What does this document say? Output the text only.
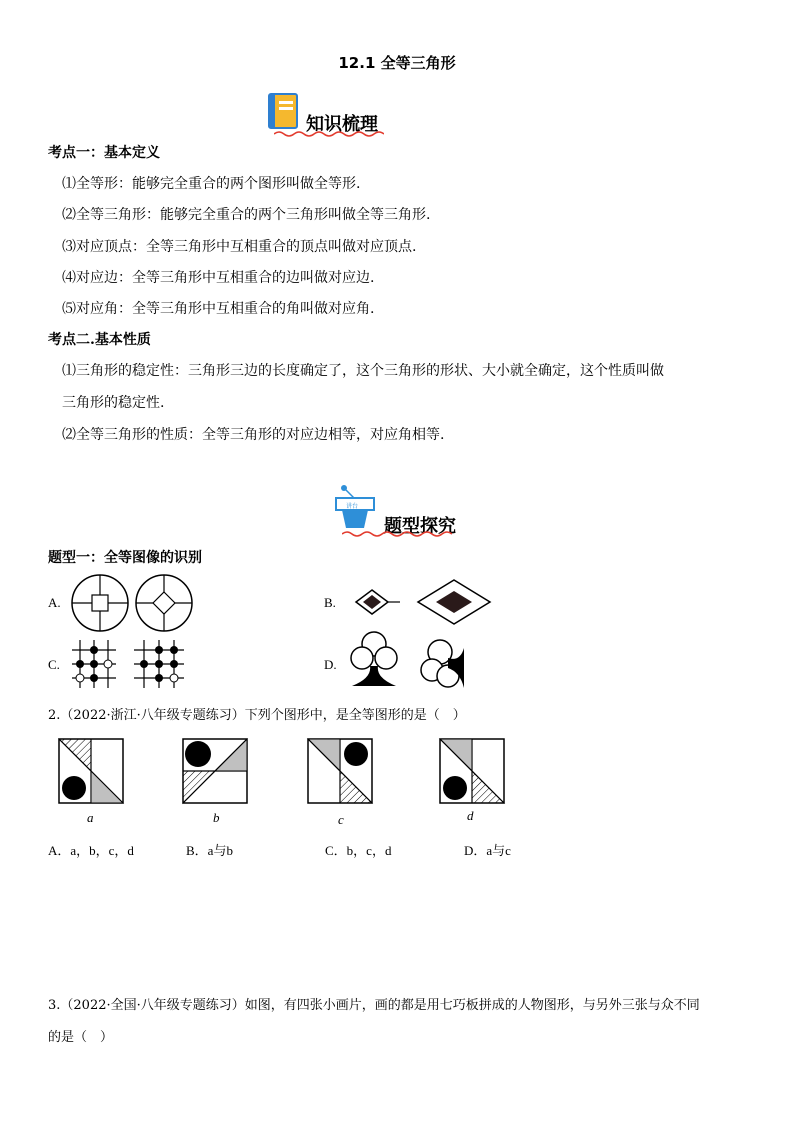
12.1 全等三角形
知识梳理
考点一：基本定义
⑴全等形：能够完全重合的两个图形叫做全等形.
⑵全等三角形：能够完全重合的两个三角形叫做全等三角形.
⑶对应顶点：全等三角形中互相重合的顶点叫做对应顶点.
⑷对应边：全等三角形中互相重合的边叫做对应边.
⑸对应角：全等三角形中互相重合的角叫做对应角.
考点二.基本性质
⑴三角形的稳定性：三角形三边的长度确定了，这个三角形的形状、大小就全确定，这个性质叫做
三角形的稳定性.
⑵全等三角形的性质：全等三角形的对应边相等，对应角相等.
讲台
题型探究
题型一：全等图像的识别
A.	B.
C.	D.
2.（2022·浙江·八年级专题练习）下列个图形中，是全等图形的是（　）
a	b	c	d
A．a，b，c，d	B．a与b	C．b，c，d	D．a与c
3.（2022·全国·八年级专题练习）如图，有四张小画片，画的都是用七巧板拼成的人物图形，与另外三张与众不同
的是（　）
